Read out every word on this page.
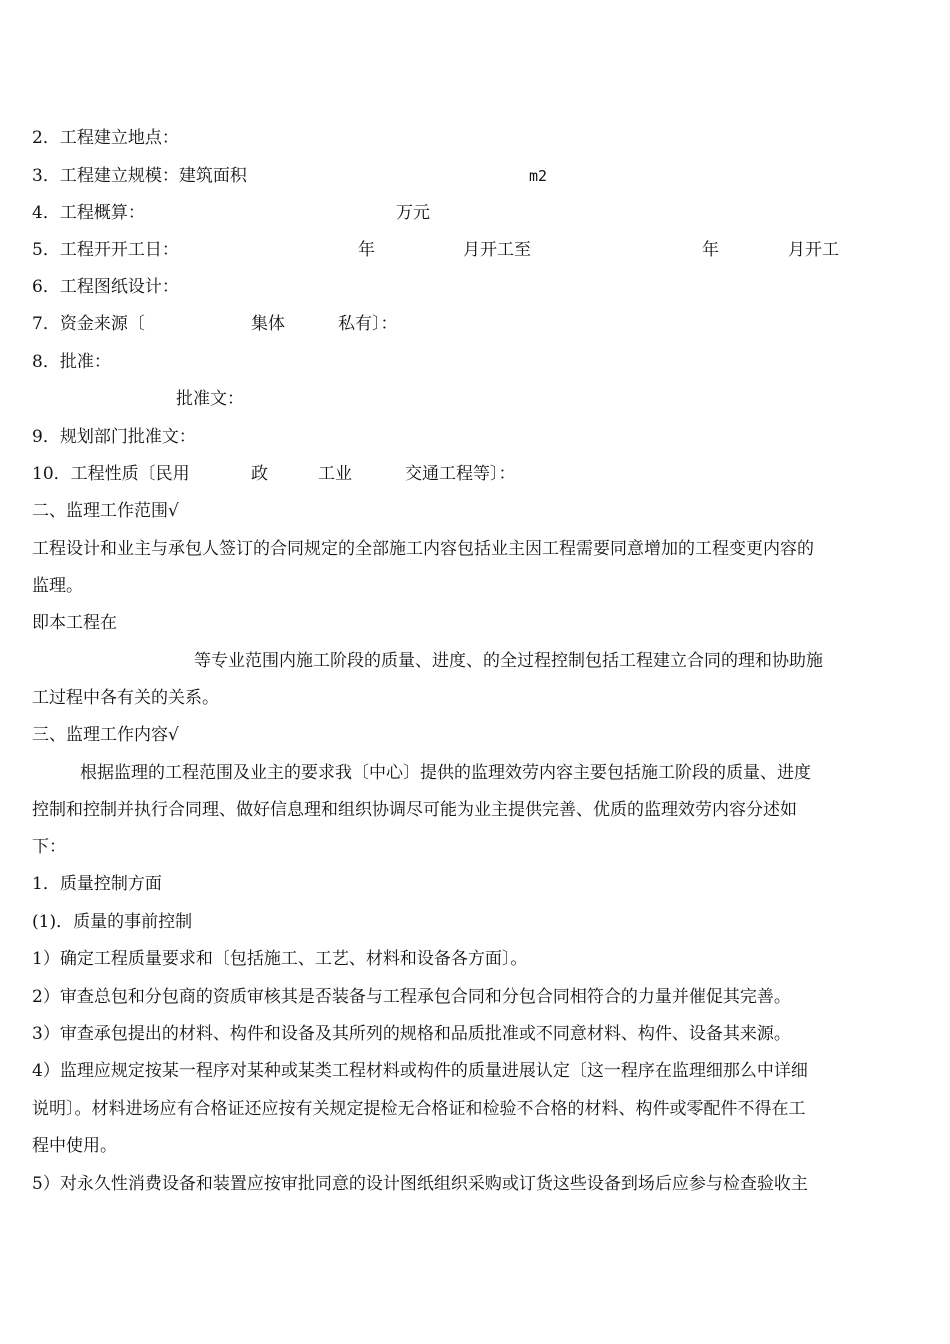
2．工程建立地点：
3．工程建立规模：建筑面积	m2
4．工程概算：	万元
5．工程开开工日：	年	月开工至	年	月开工
6．工程图纸设计：
7．资金来源〔	集体	私有〕：
8．批准：
批准文：
9．规划部门批准文：
10．工程性质〔民用	政	工业	交通工程等〕：
二、监理工作范围√
工程设计和业主与承包人签订的合同规定的全部施工内容包括业主因工程需要同意增加的工程变更内容的
监理。
即本工程在
等专业范围内施工阶段的质量、进度、的全过程控制包括工程建立合同的理和协助施
工过程中各有关的关系。
三、监理工作内容√
根据监理的工程范围及业主的要求我〔中心〕提供的监理效劳内容主要包括施工阶段的质量、进度
控制和控制并执行合同理、做好信息理和组织协调尽可能为业主提供完善、优质的监理效劳内容分述如
下：
1．质量控制方面
(1)．质量的事前控制
1）确定工程质量要求和〔包括施工、工艺、材料和设备各方面〕。
2）审查总包和分包商的资质审核其是否装备与工程承包合同和分包合同相符合的力量并催促其完善。
3）审查承包提出的材料、构件和设备及其所列的规格和品质批准或不同意材料、构件、设备其来源。
4）监理应规定按某一程序对某种或某类工程材料或构件的质量进展认定〔这一程序在监理细那么中详细
说明〕。材料进场应有合格证还应按有关规定提检无合格证和检验不合格的材料、构件或零配件不得在工
程中使用。
5）对永久性消费设备和装置应按审批同意的设计图纸组织采购或订货这些设备到场后应参与检查验收主
